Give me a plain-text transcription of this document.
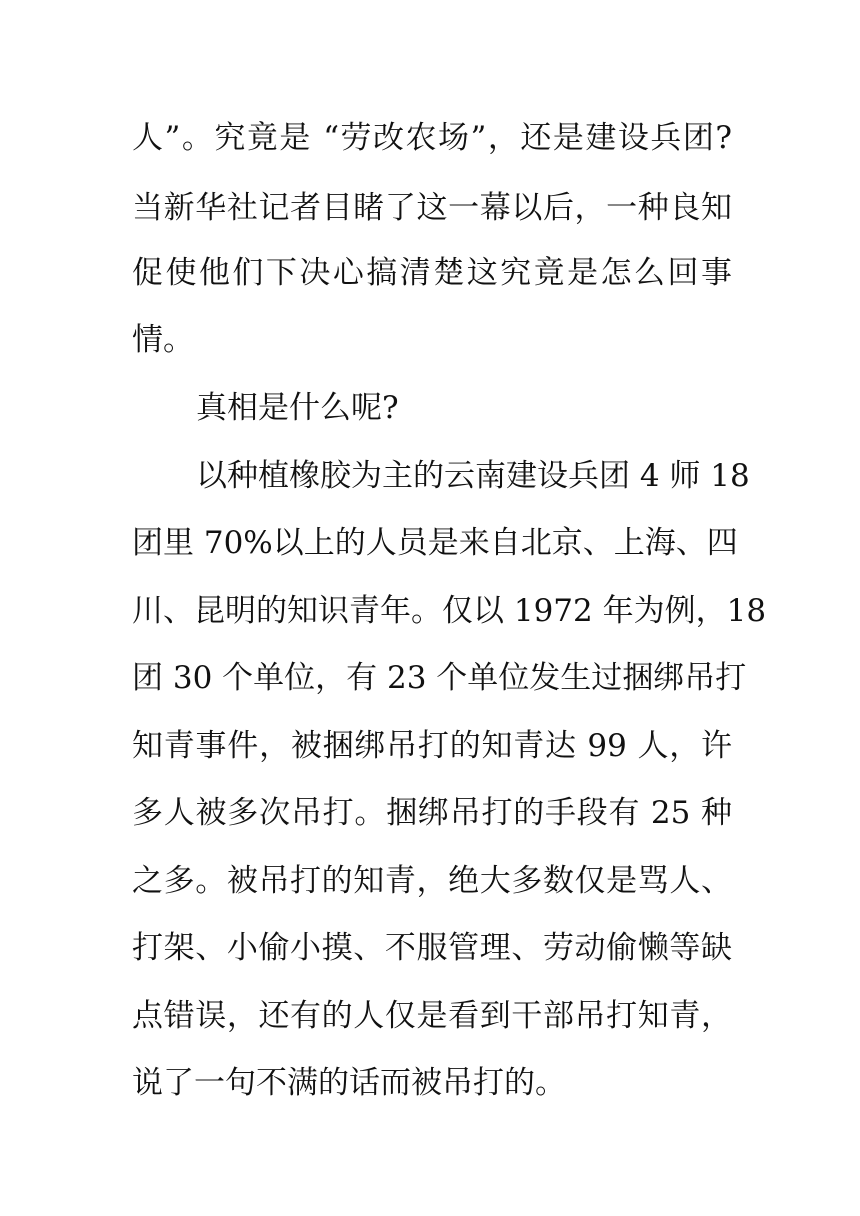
人”。究竟是 “劳改农场”，还是建设兵团?
当新华社记者目睹了这一幕以后，一种良知
促使他们下决心搞清楚这究竟是怎么回事
情。
真相是什么呢?
以种植橡胶为主的云南建设兵团 4 师 18
团里 70%以上的人员是来自北京、上海、四
川、昆明的知识青年。仅以 1972 年为例，18
团 30 个单位，有 23 个单位发生过捆绑吊打
知青事件，被捆绑吊打的知青达 99 人，许
多人被多次吊打。捆绑吊打的手段有 25 种
之多。被吊打的知青，绝大多数仅是骂人、
打架、小偷小摸、不服管理、劳动偷懒等缺
点错误，还有的人仅是看到干部吊打知青，
说了一句不满的话而被吊打的。
